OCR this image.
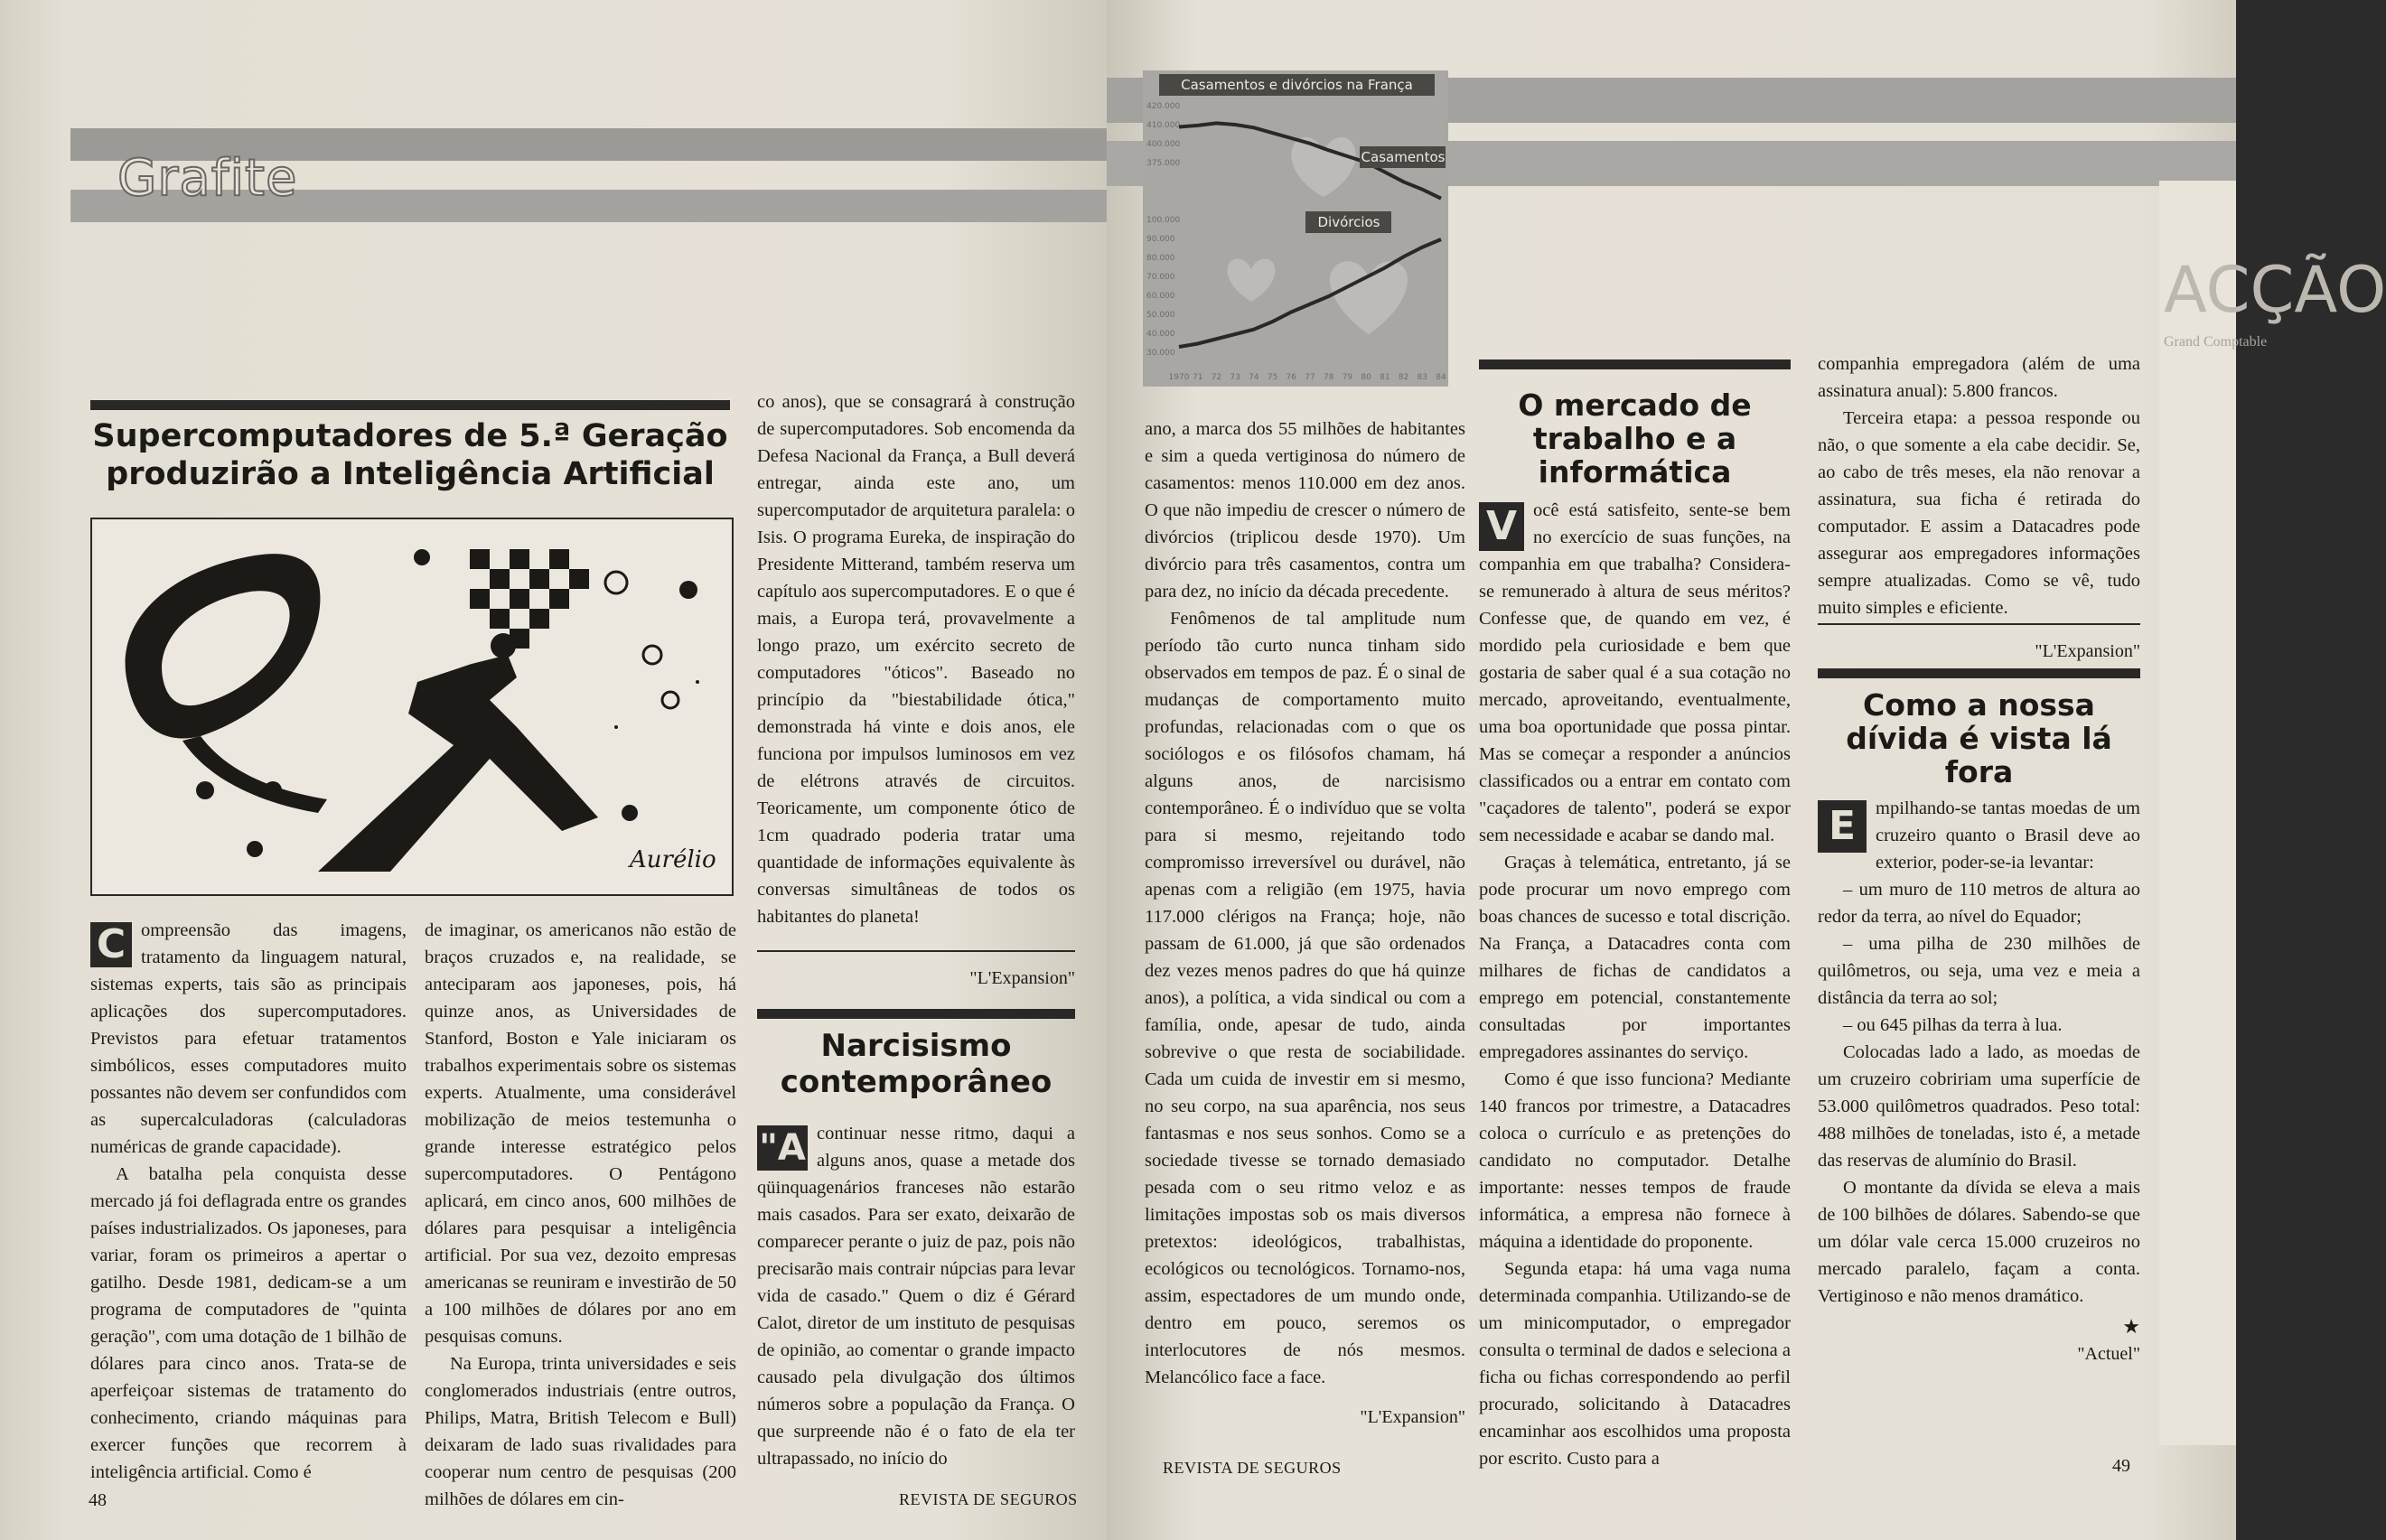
Grafite
Supercomputadores de 5.ª Geração produzirão a Inteligência Artificial
Aurélio

C ompreensão das imagens, tratamento da linguagem natural, sistemas experts, tais são as principais aplicações dos supercomputadores. Previstos para efetuar tratamentos simbólicos, esses computadores muito possantes não devem ser confundidos com as supercalculadoras (calculadoras numéricas de grande capacidade).

A batalha pela conquista desse mercado já foi deflagrada entre os grandes países industrializados. Os japoneses, para variar, foram os primeiros a apertar o gatilho. Desde 1981, dedicam-se a um programa de computadores de "quinta geração", com uma dotação de 1 bilhão de dólares para cinco anos. Trata-se de aperfeiçoar sistemas de tratamento do conhecimento, criando máquinas para exercer funções que recorrem à inteligência artificial. Como é

de imaginar, os americanos não estão de braços cruzados e, na realidade, se anteciparam aos japoneses, pois, há quinze anos, as Universidades de Stanford, Boston e Yale iniciaram os trabalhos experimentais sobre os sistemas experts. Atualmente, uma considerável mobilização de meios testemunha o grande interesse estratégico pelos supercomputadores. O Pentágono aplicará, em cinco anos, 600 milhões de dólares para pesquisar a inteligência artificial. Por sua vez, dezoito empresas americanas se reuniram e investirão de 50 a 100 milhões de dólares por ano em pesquisas comuns.

Na Europa, trinta universidades e seis conglomerados industriais (entre outros, Philips, Matra, British Telecom e Bull) deixaram de lado suas rivalidades para cooperar num centro de pesquisas (200 milhões de dólares em cin-

co anos), que se consagrará à construção de supercomputadores. Sob encomenda da Defesa Nacional da França, a Bull deverá entregar, ainda este ano, um supercomputador de arquitetura paralela: o Isis. O programa Eureka, de inspiração do Presidente Mitterand, também reserva um capítulo aos supercomputadores. E o que é mais, a Europa terá, provavelmente a longo prazo, um exército secreto de computadores "óticos". Baseado no princípio da "biestabilidade ótica," demonstrada há vinte e dois anos, ele funciona por impulsos luminosos em vez de elétrons através de circuitos. Teoricamente, um componente ótico de 1cm quadrado poderia tratar uma quantidade de informações equivalente às conversas simultâneas de todos os habitantes do planeta!

"L'Expansion"
Narcisismo contemporâneo

"A continuar nesse ritmo, daqui a alguns anos, quase a metade dos qüinquagenários franceses não estarão mais casados. Para ser exato, deixarão de comparecer perante o juiz de paz, pois não precisarão mais contrair núpcias para levar vida de casado." Quem o diz é Gérard Calot, diretor de um instituto de pesquisas de opinião, ao comentar o grande impacto causado pela divulgação dos últimos números sobre a população da França. O que surpreende não é o fato de ela ter ultrapassado, no início do

48	REVISTA DE SEGUROS
Casamentos e divórcios na França
420.000
410.000
400.000
375.000
100.000
90.000
80.000
70.000
60.000
50.000
40.000
30.000
1970 71 72 73 74 75 76 77 78 79 80 81 82 83 84
Casamentos
Divórcios

ano, a marca dos 55 milhões de habitantes e sim a queda vertiginosa do número de casamentos: menos 110.000 em dez anos. O que não impediu de crescer o número de divórcios (triplicou desde 1970). Um divórcio para três casamentos, contra um para dez, no início da década precedente.

Fenômenos de tal amplitude num período tão curto nunca tinham sido observados em tempos de paz. É o sinal de mudanças de comportamento muito profundas, relacionadas com o que os sociólogos e os filósofos chamam, há alguns anos, de narcisismo contemporâneo. É o indivíduo que se volta para si mesmo, rejeitando todo compromisso irreversível ou durável, não apenas com a religião (em 1975, havia 117.000 clérigos na França; hoje, não passam de 61.000, já que são ordenados dez vezes menos padres do que há quinze anos), a política, a vida sindical ou com a família, onde, apesar de tudo, ainda sobrevive o que resta de sociabilidade. Cada um cuida de investir em si mesmo, no seu corpo, na sua aparência, nos seus fantasmas e nos seus sonhos. Como se a sociedade tivesse se tornado demasiado pesada com o seu ritmo veloz e as limitações impostas sob os mais diversos pretextos: ideológicos, trabalhistas, ecológicos ou tecnológicos. Tornamo-nos, assim, espectadores de um mundo onde, dentro em pouco, seremos os interlocutores de nós mesmos. Melancólico face a face.

"L'Expansion"
O mercado de trabalho e a informática

V ocê está satisfeito, sente-se bem no exercício de suas funções, na companhia em que trabalha? Considera-se remunerado à altura de seus méritos? Confesse que, de quando em vez, é mordido pela curiosidade e bem que gostaria de saber qual é a sua cotação no mercado, aproveitando, eventualmente, uma boa oportunidade que possa pintar. Mas se começar a responder a anúncios classificados ou a entrar em contato com "caçadores de talento", poderá se expor sem necessidade e acabar se dando mal.

Graças à telemática, entretanto, já se pode procurar um novo emprego com boas chances de sucesso e total discrição. Na França, a Datacadres conta com milhares de fichas de candidatos a emprego em potencial, constantemente consultadas por importantes empregadores assinantes do serviço.

Como é que isso funciona? Mediante 140 francos por trimestre, a Datacadres coloca o currículo e as pretenções do candidato no computador. Detalhe importante: nesses tempos de fraude informática, a empresa não fornece à máquina a identidade do proponente.

Segunda etapa: há uma vaga numa determinada companhia. Utilizando-se de um minicomputador, o empregador consulta o terminal de dados e seleciona a ficha ou fichas correspondendo ao perfil procurado, solicitando à Datacadres encaminhar aos escolhidos uma proposta por escrito. Custo para a

companhia empregadora (além de uma assinatura anual): 5.800 francos.

Terceira etapa: a pessoa responde ou não, o que somente a ela cabe decidir. Se, ao cabo de três meses, ela não renovar a assinatura, sua ficha é retirada do computador. E assim a Datacadres pode assegurar aos empregadores informações sempre atualizadas. Como se vê, tudo muito simples e eficiente.

"L'Expansion"
Como a nossa dívida é vista lá fora

E	mpilhando-se tantas moedas de um cruzeiro quanto o Brasil deve ao exterior, poder-se-ia levantar:

– um muro de 110 metros de altura ao redor da terra, ao nível do Equador;

– uma pilha de 230 milhões de quilômetros, ou seja, uma vez e meia a distância da terra ao sol;

– ou 645 pilhas da terra à lua.

Colocadas lado a lado, as moedas de um cruzeiro cobririam uma superfície de 53.000 quilômetros quadrados. Peso total: 488 milhões de toneladas, isto é, a metade das reservas de alumínio do Brasil.

O montante da dívida se eleva a mais de 100 bilhões de dólares. Sabendo-se que um dólar vale cerca 15.000 cruzeiros no mercado paralelo, façam a conta. Vertiginoso e não menos dramático.

★
"Actuel"
ACÇÃO
Grand Comptable
REVISTA DE SEGUROS	49
